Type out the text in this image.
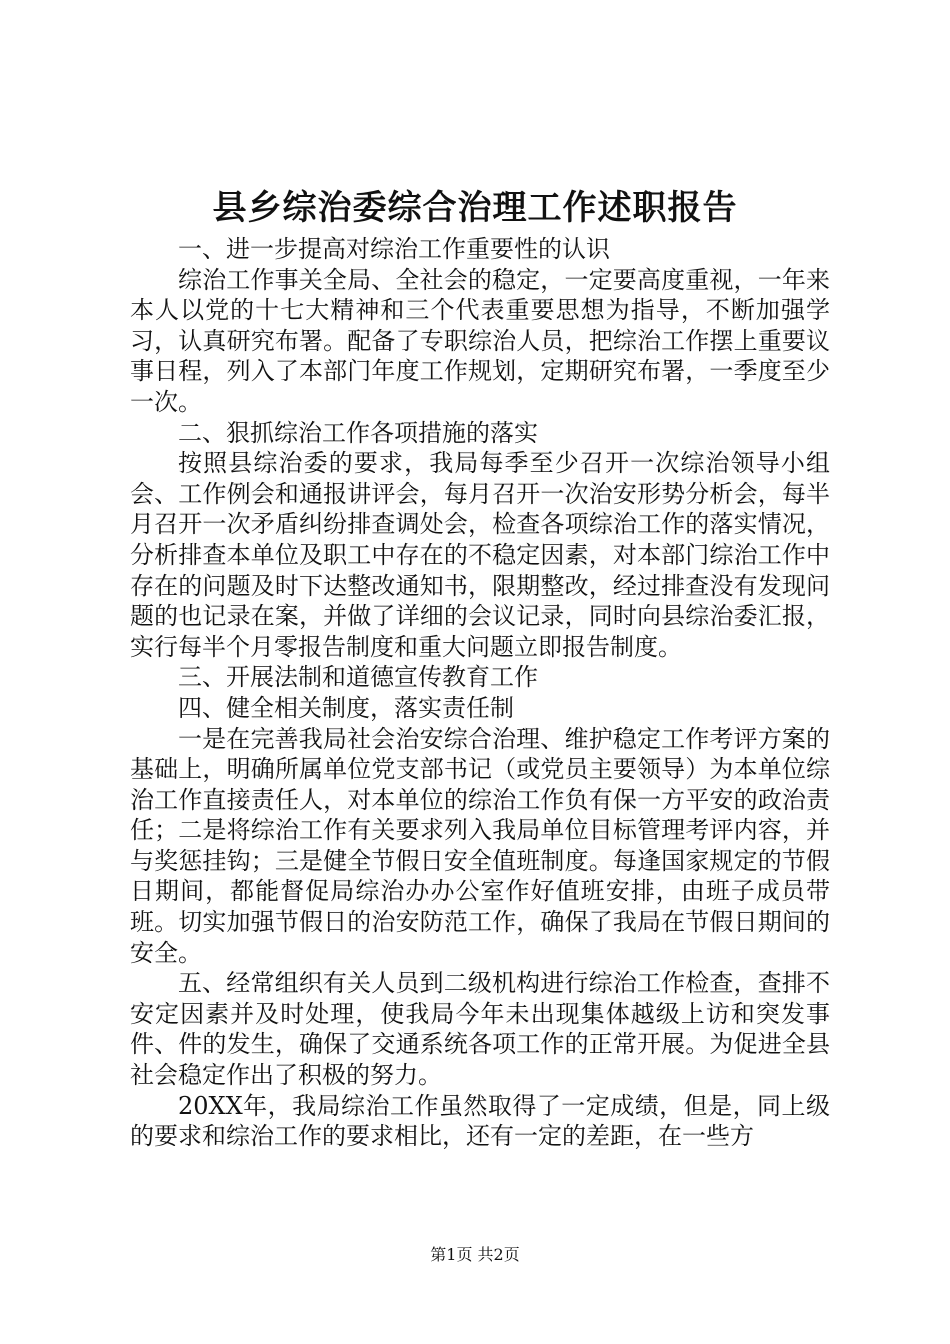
县乡综治委综合治理工作述职报告

一、进一步提高对综治工作重要性的认识

综治工作事关全局、全社会的稳定，一定要高度重视，一年来本人以党的十七大精神和三个代表重要思想为指导，不断加强学习，认真研究布署。配备了专职综治人员，把综治工作摆上重要议事日程，列入了本部门年度工作规划，定期研究布署，一季度至少一次。

二、狠抓综治工作各项措施的落实

按照县综治委的要求，我局每季至少召开一次综治领导小组会、工作例会和通报讲评会，每月召开一次治安形势分析会，每半月召开一次矛盾纠纷排查调处会，检查各项综治工作的落实情况，分析排查本单位及职工中存在的不稳定因素，对本部门综治工作中存在的问题及时下达整改通知书，限期整改，经过排查没有发现问题的也记录在案，并做了详细的会议记录，同时向县综治委汇报，实行每半个月零报告制度和重大问题立即报告制度。

三、开展法制和道德宣传教育工作

四、健全相关制度，落实责任制

一是在完善我局社会治安综合治理、维护稳定工作考评方案的基础上，明确所属单位党支部书记（或党员主要领导）为本单位综治工作直接责任人，对本单位的综治工作负有保一方平安的政治责任；二是将综治工作有关要求列入我局单位目标管理考评内容，并与奖惩挂钩；三是健全节假日安全值班制度。每逢国家规定的节假日期间，都能督促局综治办办公室作好值班安排，由班子成员带班。切实加强节假日的治安防范工作，确保了我局在节假日期间的安全。

五、经常组织有关人员到二级机构进行综治工作检查，查排不安定因素并及时处理，使我局今年未出现集体越级上访和突发事件、件的发生，确保了交通系统各项工作的正常开展。为促进全县社会稳定作出了积极的努力。

20XX年，我局综治工作虽然取得了一定成绩，但是，同上级的要求和综治工作的要求相比，还有一定的差距，在一些方

第1页 共2页
